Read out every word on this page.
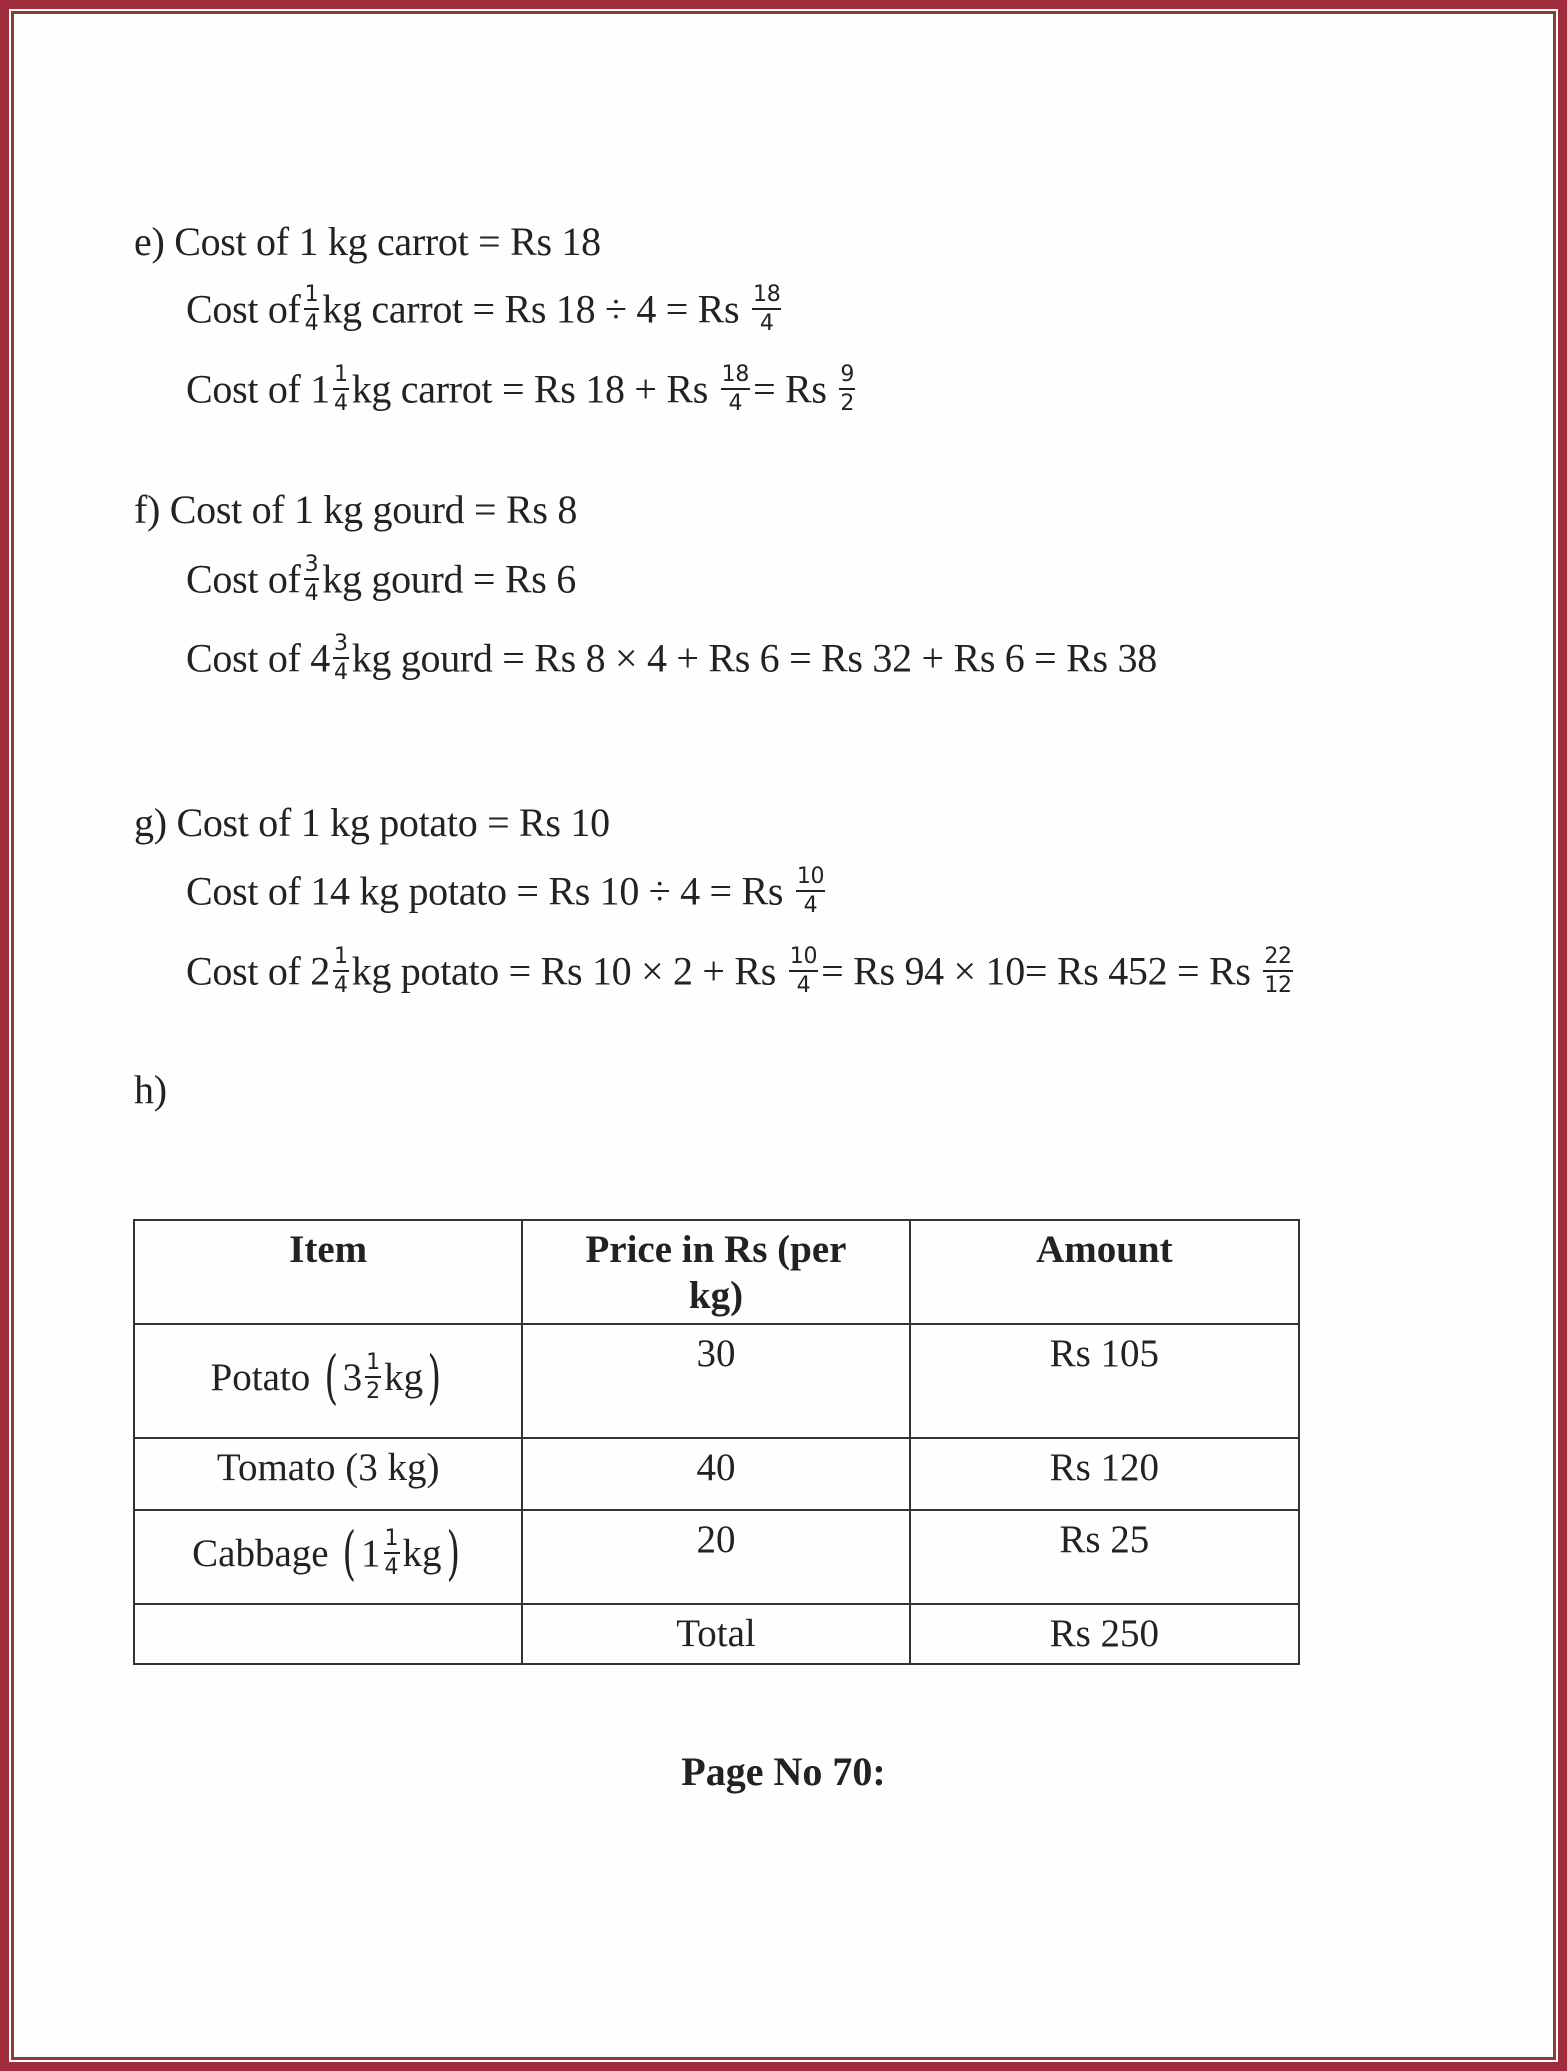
e) Cost of 1 kg carrot = Rs 18
Cost of $\frac{1}{4}$ kg carrot = Rs 18 ÷ 4 = Rs $\frac{18}{4}$
Cost of $1 \frac{1}{4}$ kg carrot = Rs 18 + Rs $\frac{18}{4} = Rs \frac{9}{2}$
f) Cost of 1 kg gourd = Rs 8
Cost of $\frac{3}{4}$ kg gourd = Rs 6
Cost of $4 \frac{3}{4}$ kg gourd = Rs 8 × 4 + Rs 6 = Rs 32 + Rs 6 = Rs 38
g) Cost of 1 kg potato = Rs 10
Cost of 14 kg potato = Rs 10 ÷ 4 = Rs $\frac{10}{4}$
Cost of $2 \frac{1}{4}$ kg potato = Rs 10 × 2 + Rs $\frac{10}{4} = Rs$ 94 × 10= Rs 452 = Rs $\frac{22}{12}$
h)
Item	Price in Rs (per kg)	Amount
Potato ( $3 \frac{1}{2} kg$)	30	Rs 105
Tomato (3 kg)	40	Rs 120
Cabbage ( $1 \frac{1}{4} kg$)	20	Rs 25
	Total	Rs 250
Page No 70:
